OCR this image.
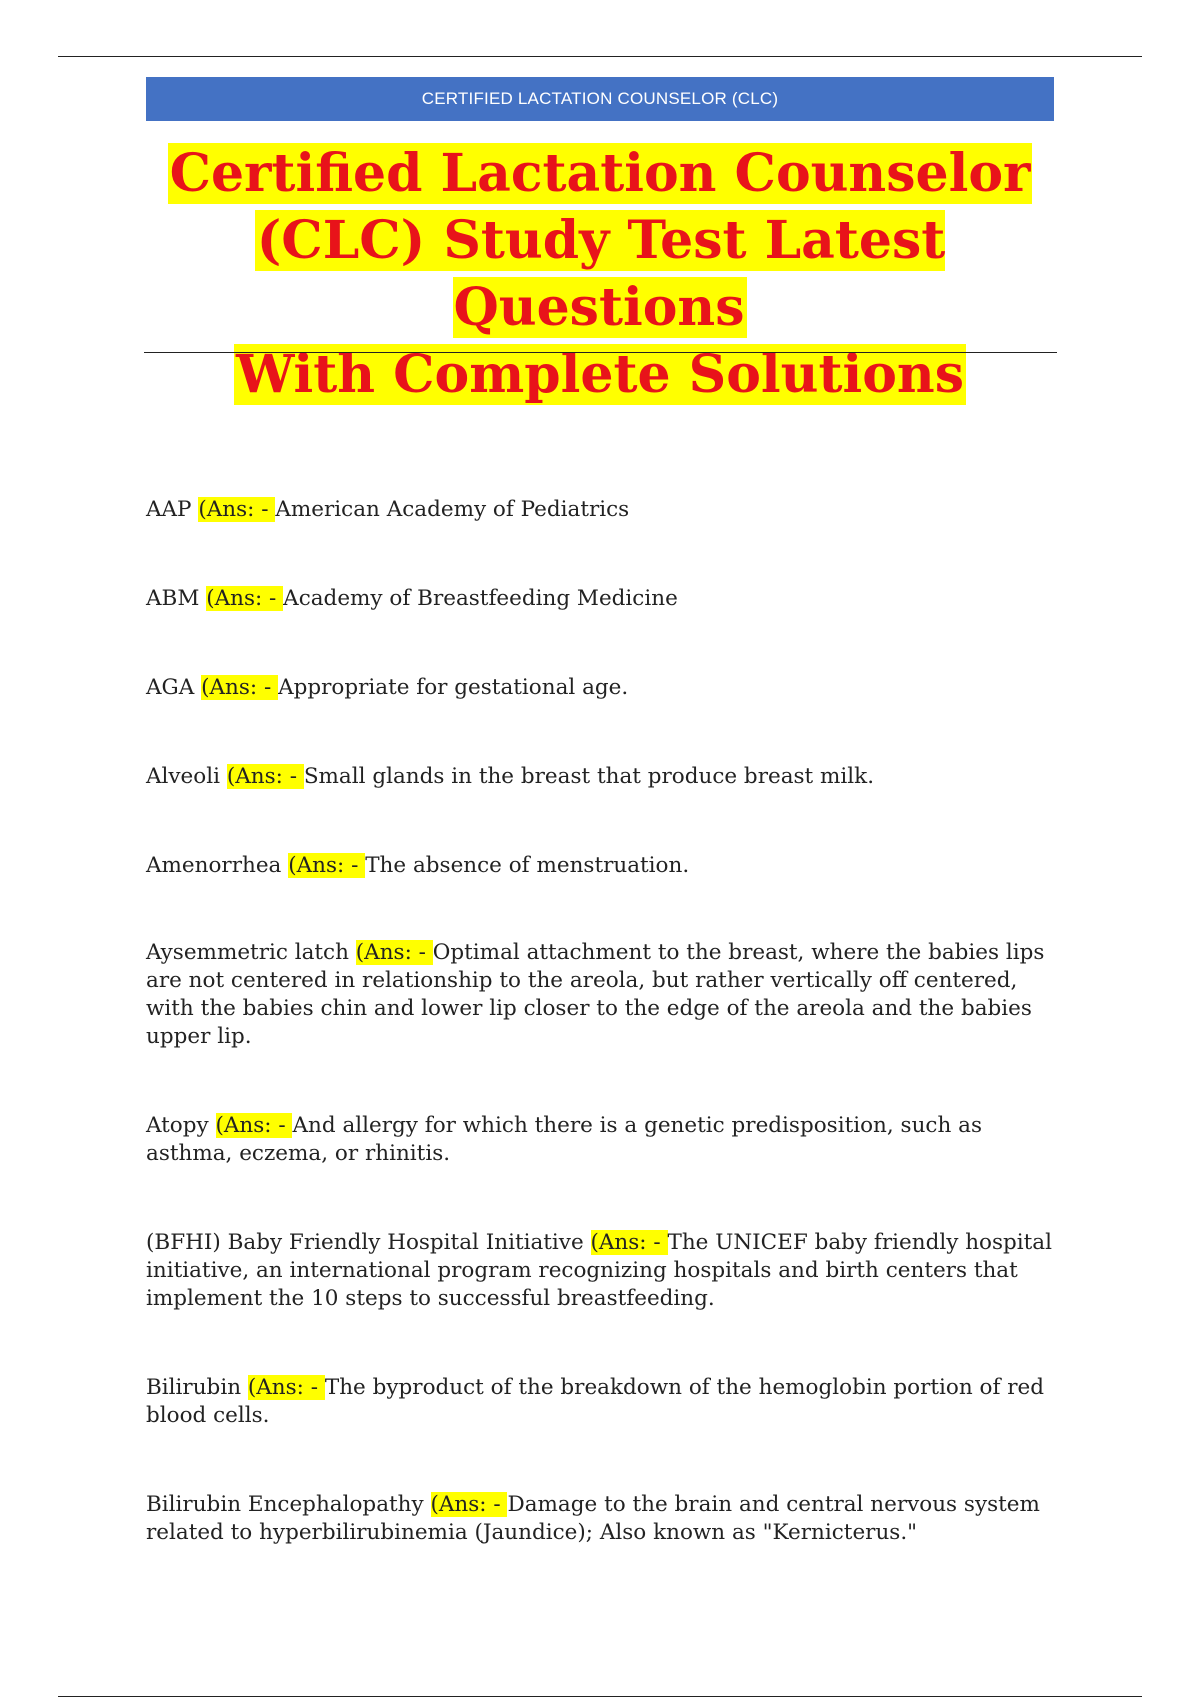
CERTIFIED LACTATION COUNSELOR (CLC)
Certified Lactation Counselor
(CLC) Study Test Latest Questions
With Complete Solutions
AAP (Ans: - American Academy of Pediatrics
ABM (Ans: - Academy of Breastfeeding Medicine
AGA (Ans: - Appropriate for gestational age.
Alveoli (Ans: - Small glands in the breast that produce breast milk.
Amenorrhea (Ans: - The absence of menstruation.
Aysemmetric latch (Ans: - Optimal attachment to the breast, where the babies lips are not centered in relationship to the areola, but rather vertically off centered, with the babies chin and lower lip closer to the edge of the areola and the babies upper lip.
Atopy (Ans: - And allergy for which there is a genetic predisposition, such as asthma, eczema, or rhinitis.
(BFHI) Baby Friendly Hospital Initiative (Ans: - The UNICEF baby friendly hospital initiative, an international program recognizing hospitals and birth centers that implement the 10 steps to successful breastfeeding.
Bilirubin (Ans: - The byproduct of the breakdown of the hemoglobin portion of red blood cells.
Bilirubin Encephalopathy (Ans: - Damage to the brain and central nervous system related to hyperbilirubinemia (Jaundice); Also known as "Kernicterus."
